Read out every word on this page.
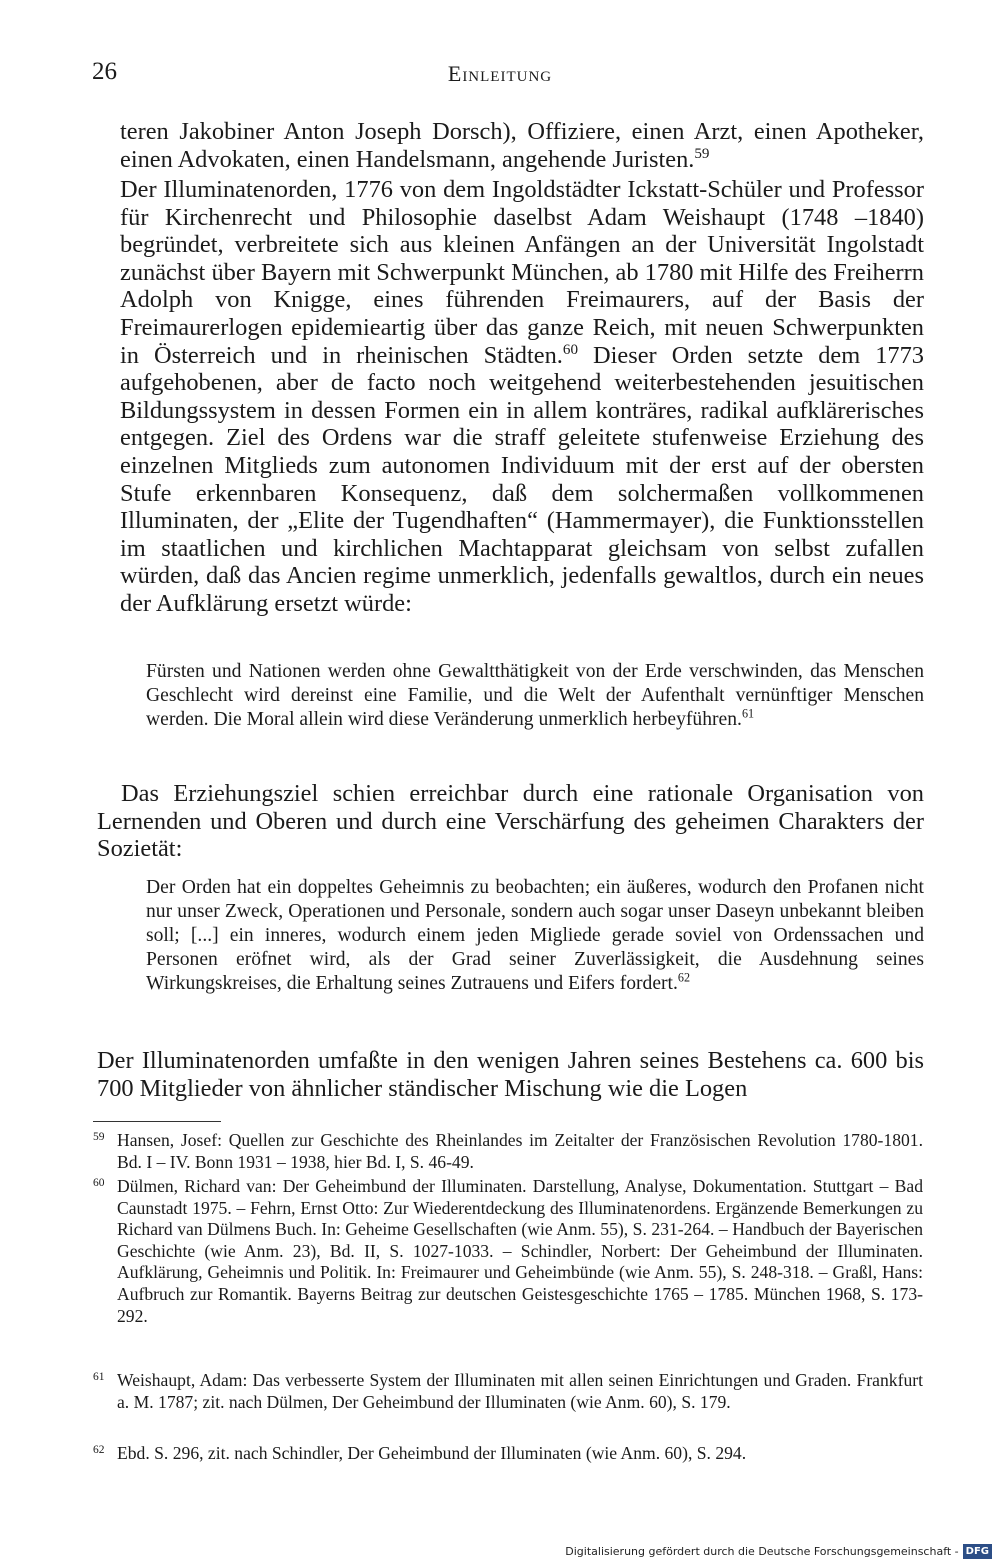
26	Einleitung

teren Jakobiner Anton Joseph Dorsch), Offiziere, einen Arzt, einen Apotheker, einen Advokaten, einen Handelsmann, angehende Juristen.$^{59}$

Der Illuminatenorden, 1776 von dem Ingoldstädter Ickstatt-Schüler und Professor für Kirchenrecht und Philosophie daselbst Adam Weishaupt (1748 –1840) begründet, verbreitete sich aus kleinen Anfängen an der Universität Ingolstadt zunächst über Bayern mit Schwerpunkt München, ab 1780 mit Hilfe des Freiherrn Adolph von Knigge, eines führenden Freimaurers, auf der Basis der Freimaurerlogen epidemieartig über das ganze Reich, mit neuen Schwerpunkten in Österreich und in rheinischen Städten.$^{60}$ Dieser Orden setzte dem 1773 aufgehobenen, aber de facto noch weitgehend weiterbestehenden jesuitischen Bildungssystem in dessen Formen ein in allem konträres, radikal aufklärerisches entgegen. Ziel des Ordens war die straff geleitete stufenweise Erziehung des einzelnen Mitglieds zum autonomen Individuum mit der erst auf der obersten Stufe erkennbaren Konsequenz, daß dem solchermaßen vollkommenen Illuminaten, der „Elite der Tugendhaften“ (Hammermayer), die Funktionsstellen im staatlichen und kirchlichen Machtapparat gleichsam von selbst zufallen würden, daß das Ancien regime unmerklich, jedenfalls gewaltlos, durch ein neues der Aufklärung ersetzt würde:

Fürsten und Nationen werden ohne Gewaltthätigkeit von der Erde verschwinden, das Menschen Geschlecht wird dereinst eine Familie, und die Welt der Aufenthalt vernünftiger Menschen werden. Die Moral allein wird diese Veränderung unmerklich herbeyführen.$^{61}$

Das Erziehungsziel schien erreichbar durch eine rationale Organisation von Lernenden und Oberen und durch eine Verschärfung des geheimen Charakters der Sozietät:

Der Orden hat ein doppeltes Geheimnis zu beobachten; ein äußeres, wodurch den Profanen nicht nur unser Zweck, Operationen und Personale, sondern auch sogar unser Daseyn unbekannt bleiben soll; [...] ein inneres, wodurch einem jeden Migliede gerade soviel von Ordenssachen und Personen eröfnet wird, als der Grad seiner Zuverlässigkeit, die Ausdehnung seines Wirkungskreises, die Erhaltung seines Zutrauens und Eifers fordert.$^{62}$

Der Illuminatenorden umfaßte in den wenigen Jahren seines Bestehens ca. 600 bis 700 Mitglieder von ähnlicher ständischer Mischung wie die Logen

59 Hansen, Josef: Quellen zur Geschichte des Rheinlandes im Zeitalter der Französischen Revolution 1780-1801. Bd. I – IV. Bonn 1931 – 1938, hier Bd. I, S. 46-49.
60 Dülmen, Richard van: Der Geheimbund der Illuminaten. Darstellung, Analyse, Dokumentation. Stuttgart – Bad Caunstadt 1975. – Fehrn, Ernst Otto: Zur Wiederentdeckung des Illuminatenordens. Ergänzende Bemerkungen zu Richard van Dülmens Buch. In: Geheime Gesellschaften (wie Anm. 55), S. 231-264. – Handbuch der Bayerischen Geschichte (wie Anm. 23), Bd. II, S. 1027-1033. – Schindler, Norbert: Der Geheimbund der Illuminaten. Aufklärung, Geheimnis und Politik. In: Freimaurer und Geheimbünde (wie Anm. 55), S. 248-318. – Graßl, Hans: Aufbruch zur Romantik. Bayerns Beitrag zur deutschen Geistesgeschichte 1765 – 1785. München 1968, S. 173-292.
61 Weishaupt, Adam: Das verbesserte System der Illuminaten mit allen seinen Einrichtungen und Graden. Frankfurt a. M. 1787; zit. nach Dülmen, Der Geheimbund der Illuminaten (wie Anm. 60), S. 179.
62 Ebd. S. 296, zit. nach Schindler, Der Geheimbund der Illuminaten (wie Anm. 60), S. 294.
Digitalisierung gefördert durch die Deutsche Forschungsgemeinschaft - DFG
